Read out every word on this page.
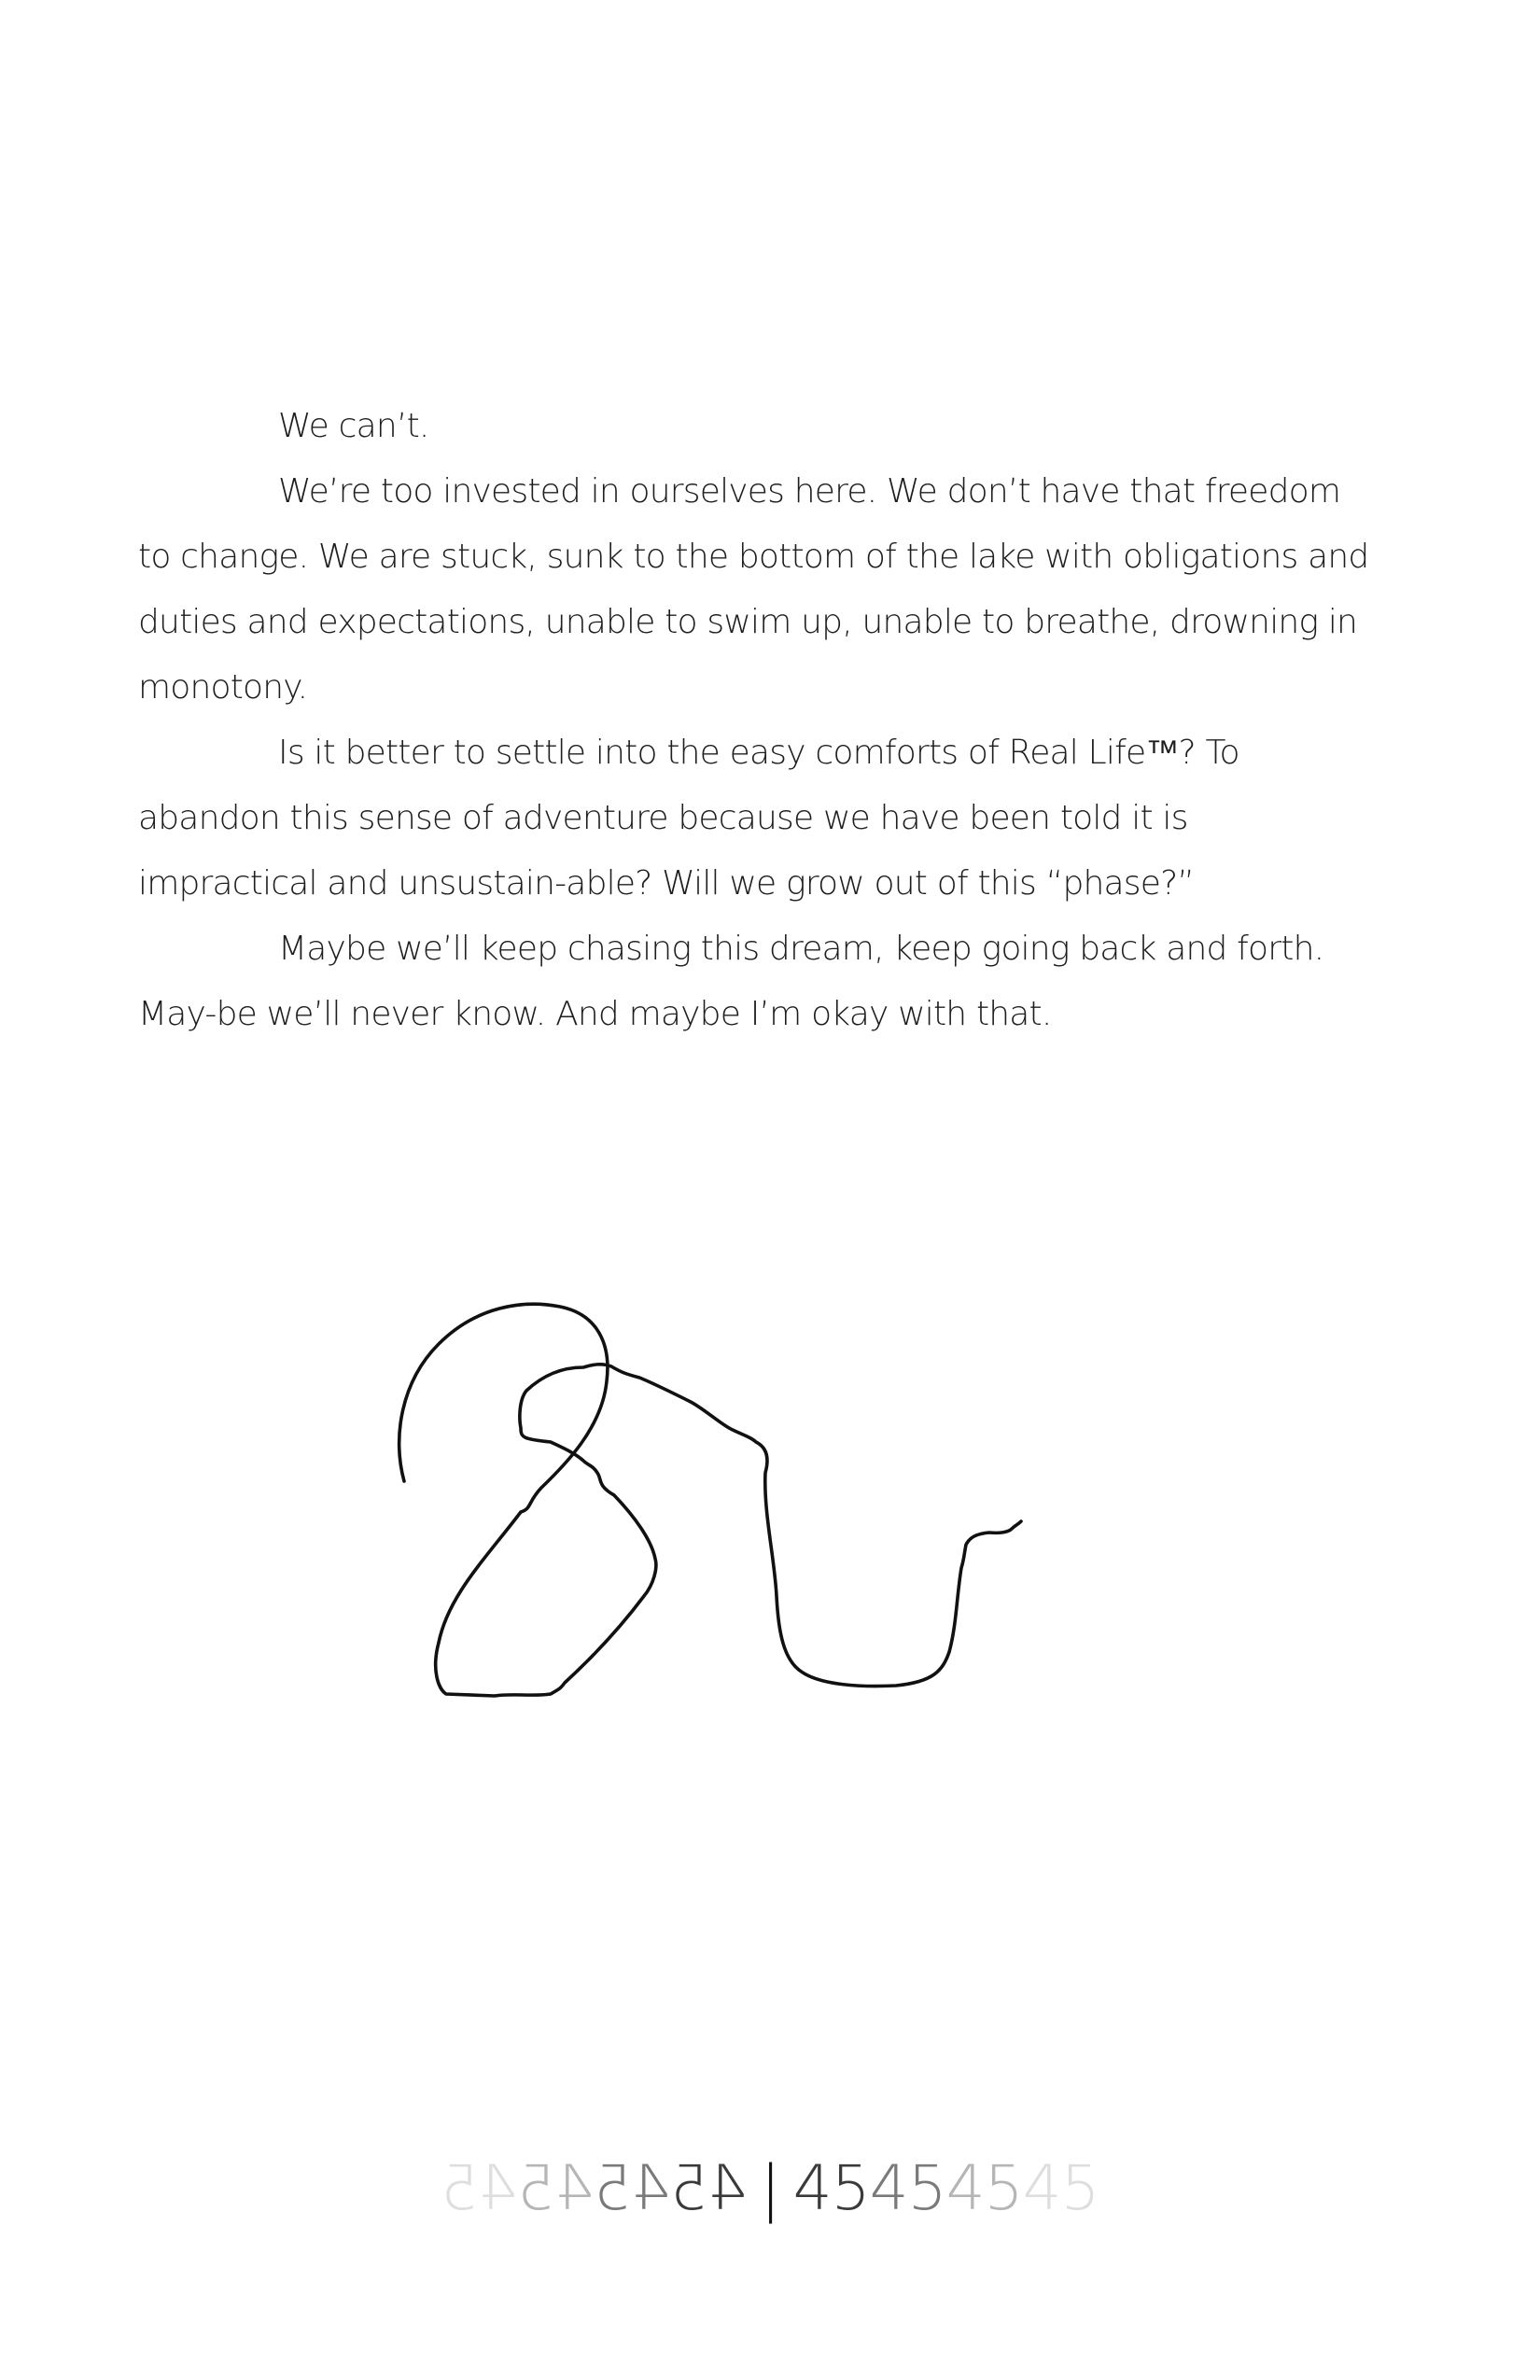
We can’t.

We’re too invested in ourselves here. We don’t have that freedom to change. We are stuck, sunk to the bottom of the lake with obligations and duties and expectations, unable to swim up, unable to breathe, drowning in monotony.

Is it better to settle into the easy comforts of Real Life™? To abandon this sense of adventure because we have been told it is impractical and unsustain-able? Will we grow out of this “phase?”

Maybe we’ll keep chasing this dream, keep going back and forth. May-be we’ll never know. And maybe I’m okay with that.

45454545	| 45454545
